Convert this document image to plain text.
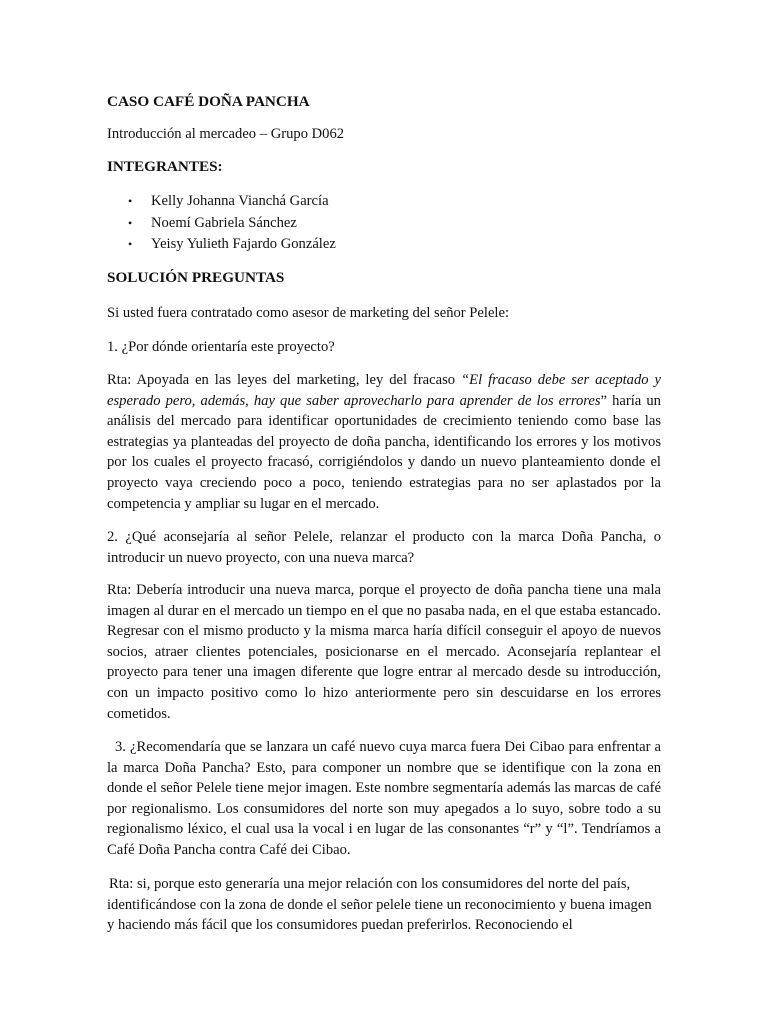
CASO CAFÉ DOÑA PANCHA
Introducción al mercadeo – Grupo D062
INTEGRANTES:
• Kelly Johanna Vianchá García
• Noemí Gabriela Sánchez
• Yeisy Yulieth Fajardo González
SOLUCIÓN PREGUNTAS
Si usted fuera contratado como asesor de marketing del señor Pelele:
1. ¿Por dónde orientaría este proyecto?
Rta: Apoyada en las leyes del marketing, ley del fracaso “El fracaso debe ser aceptado y esperado pero, además, hay que saber aprovecharlo para aprender de los errores” haría un análisis del mercado para identificar oportunidades de crecimiento teniendo como base las estrategias ya planteadas del proyecto de doña pancha, identificando los errores y los motivos por los cuales el proyecto fracasó, corrigiéndolos y dando un nuevo planteamiento donde el proyecto vaya creciendo poco a poco, teniendo estrategias para no ser aplastados por la competencia y ampliar su lugar en el mercado.
2. ¿Qué aconsejaría al señor Pelele, relanzar el producto con la marca Doña Pancha, o introducir un nuevo proyecto, con una nueva marca?
Rta: Debería introducir una nueva marca, porque el proyecto de doña pancha tiene una mala imagen al durar en el mercado un tiempo en el que no pasaba nada, en el que estaba estancado. Regresar con el mismo producto y la misma marca haría difícil conseguir el apoyo de nuevos socios, atraer clientes potenciales, posicionarse en el mercado. Aconsejaría replantear el proyecto para tener una imagen diferente que logre entrar al mercado desde su introducción, con un impacto positivo como lo hizo anteriormente pero sin descuidarse en los errores cometidos.
3. ¿Recomendaría que se lanzara un café nuevo cuya marca fuera Dei Cibao para enfrentar a la marca Doña Pancha? Esto, para componer un nombre que se identifique con la zona en donde el señor Pelele tiene mejor imagen. Este nombre segmentaría además las marcas de café por regionalismo. Los consumidores del norte son muy apegados a lo suyo, sobre todo a su regionalismo léxico, el cual usa la vocal i en lugar de las consonantes “r” y “l”. Tendríamos a Café Doña Pancha contra Café dei Cibao.
Rta: si, porque esto generaría una mejor relación con los consumidores del norte del país, identificándose con la zona de donde el señor pelele tiene un reconocimiento y buena imagen y haciendo más fácil que los consumidores puedan preferirlos. Reconociendo el
